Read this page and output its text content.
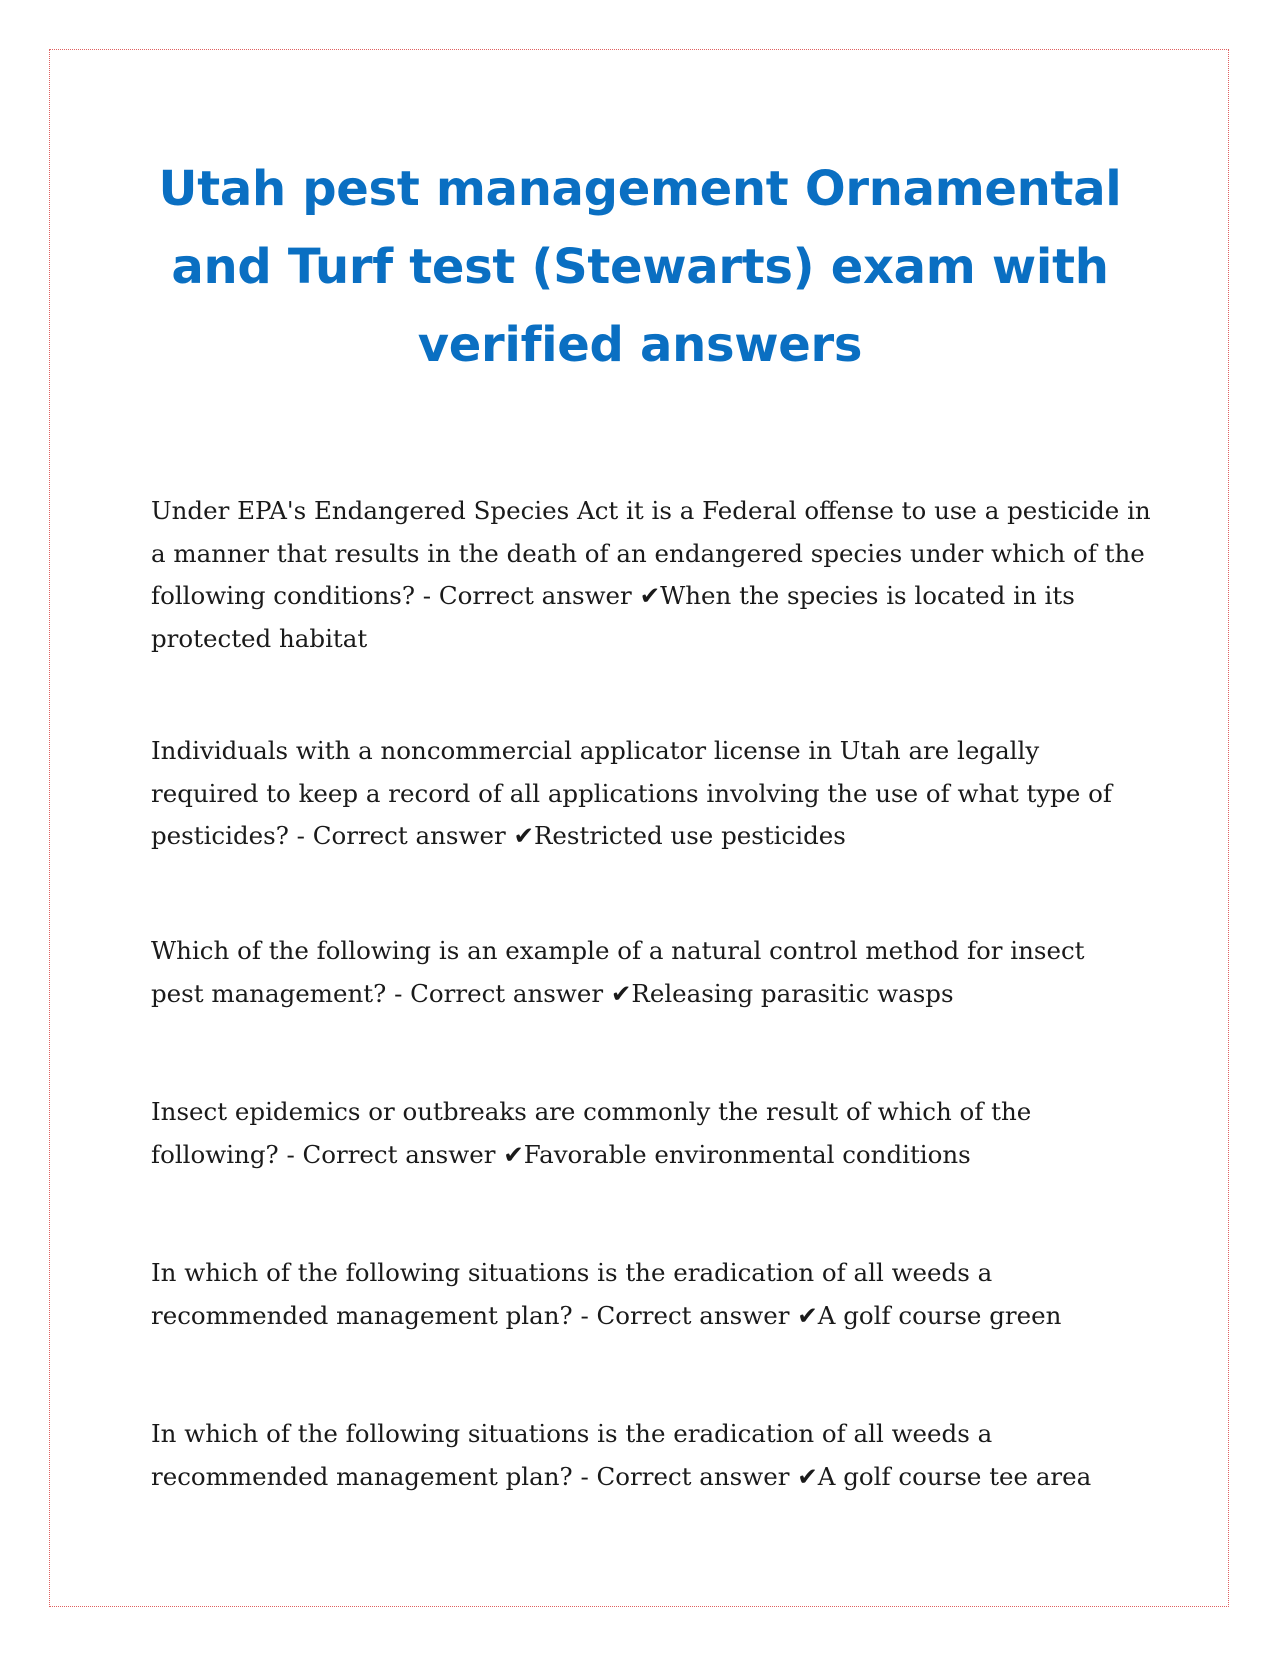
Utah pest management Ornamental and Turf test (Stewarts) exam with verified answers

Under EPA's Endangered Species Act it is a Federal offense to use a pesticide in a manner that results in the death of an endangered species under which of the following conditions? - Correct answer ✔When the species is located in its protected habitat

Individuals with a noncommercial applicator license in Utah are legally required to keep a record of all applications involving the use of what type of pesticides? - Correct answer ✔Restricted use pesticides

Which of the following is an example of a natural control method for insect  pest management? - Correct answer ✔Releasing parasitic wasps

Insect epidemics or outbreaks are commonly the result of which of the following? - Correct answer ✔Favorable environmental conditions

In which of the following situations is the eradication of all weeds a recommended management plan? - Correct answer ✔A golf course green

In which of the following situations is the eradication of all weeds a recommended management plan? - Correct answer ✔A golf course tee area
